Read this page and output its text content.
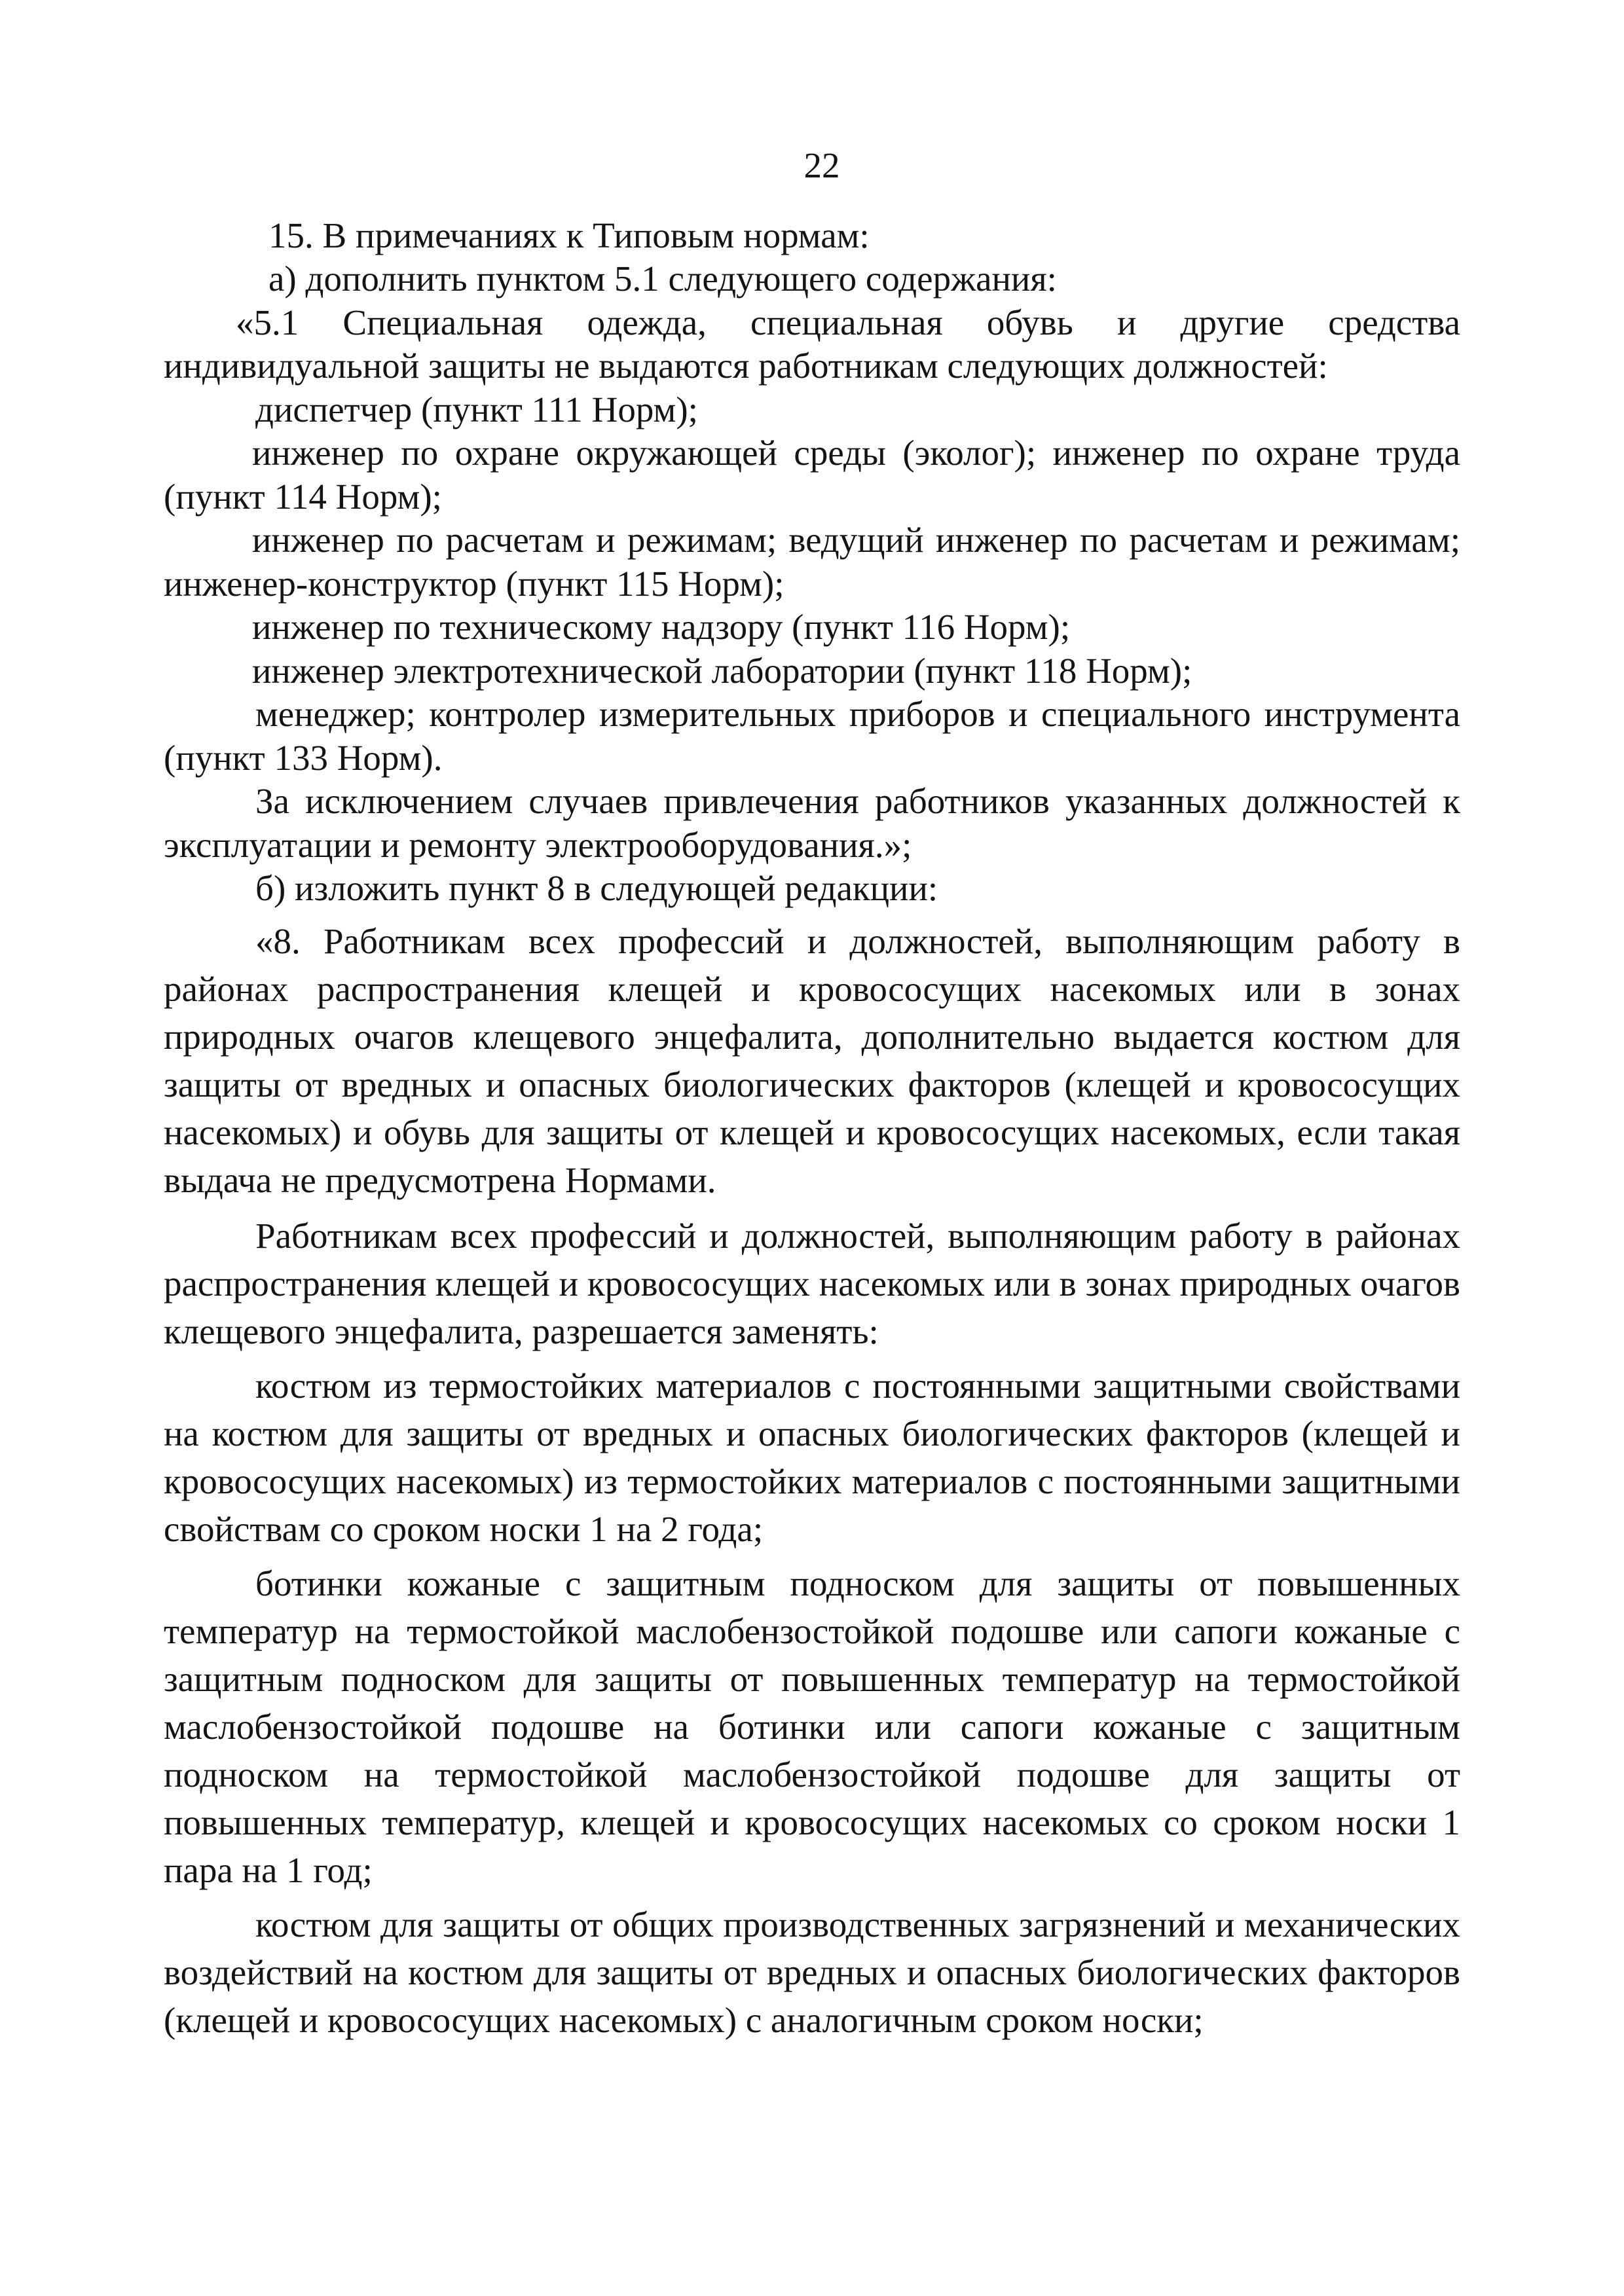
22

15. В примечаниях к Типовым нормам:

а) дополнить пунктом 5.1 следующего содержания:

«5.1 Специальная одежда, специальная обувь и другие средства индивидуальной защиты не выдаются работникам следующих должностей:

диспетчер (пункт 111 Норм);

инженер по охране окружающей среды (эколог); инженер по охране труда (пункт 114 Норм);

инженер по расчетам и режимам; ведущий инженер по расчетам и режимам; инженер-конструктор (пункт 115 Норм);

инженер по техническому надзору (пункт 116 Норм);

инженер электротехнической лаборатории (пункт 118 Норм);

менеджер; контролер измерительных приборов и специального инструмента (пункт 133 Норм).

За исключением случаев привлечения работников указанных должностей к эксплуатации и ремонту электрооборудования.»;

б) изложить пункт 8 в следующей редакции:

«8. Работникам всех профессий и должностей, выполняющим работу в районах распространения клещей и кровососущих насекомых или в зонах природных очагов клещевого энцефалита, дополнительно выдается костюм для защиты от вредных и опасных биологических факторов (клещей и кровососущих насекомых) и обувь для защиты от клещей и кровососущих насекомых, если такая выдача не предусмотрена Нормами.

Работникам всех профессий и должностей, выполняющим работу в районах распространения клещей и кровососущих насекомых или в зонах природных очагов клещевого энцефалита, разрешается заменять:

костюм из термостойких материалов с постоянными защитными свойствами на костюм для защиты от вредных и опасных биологических факторов (клещей и кровососущих насекомых) из термостойких материалов с постоянными защитными свойствам со сроком носки 1 на 2 года;

ботинки кожаные с защитным подноском для защиты от повышенных температур на термостойкой маслобензостойкой подошве или сапоги кожаные с защитным подноском для защиты от повышенных температур на термостойкой маслобензостойкой подошве на ботинки или сапоги кожаные с защитным подноском на термостойкой маслобензостойкой подошве для защиты от повышенных температур, клещей и кровососущих насекомых со сроком носки 1 пара на 1 год;

костюм для защиты от общих производственных загрязнений и механических воздействий на костюм для защиты от вредных и опасных биологических факторов (клещей и кровососущих насекомых) с аналогичным сроком носки;
